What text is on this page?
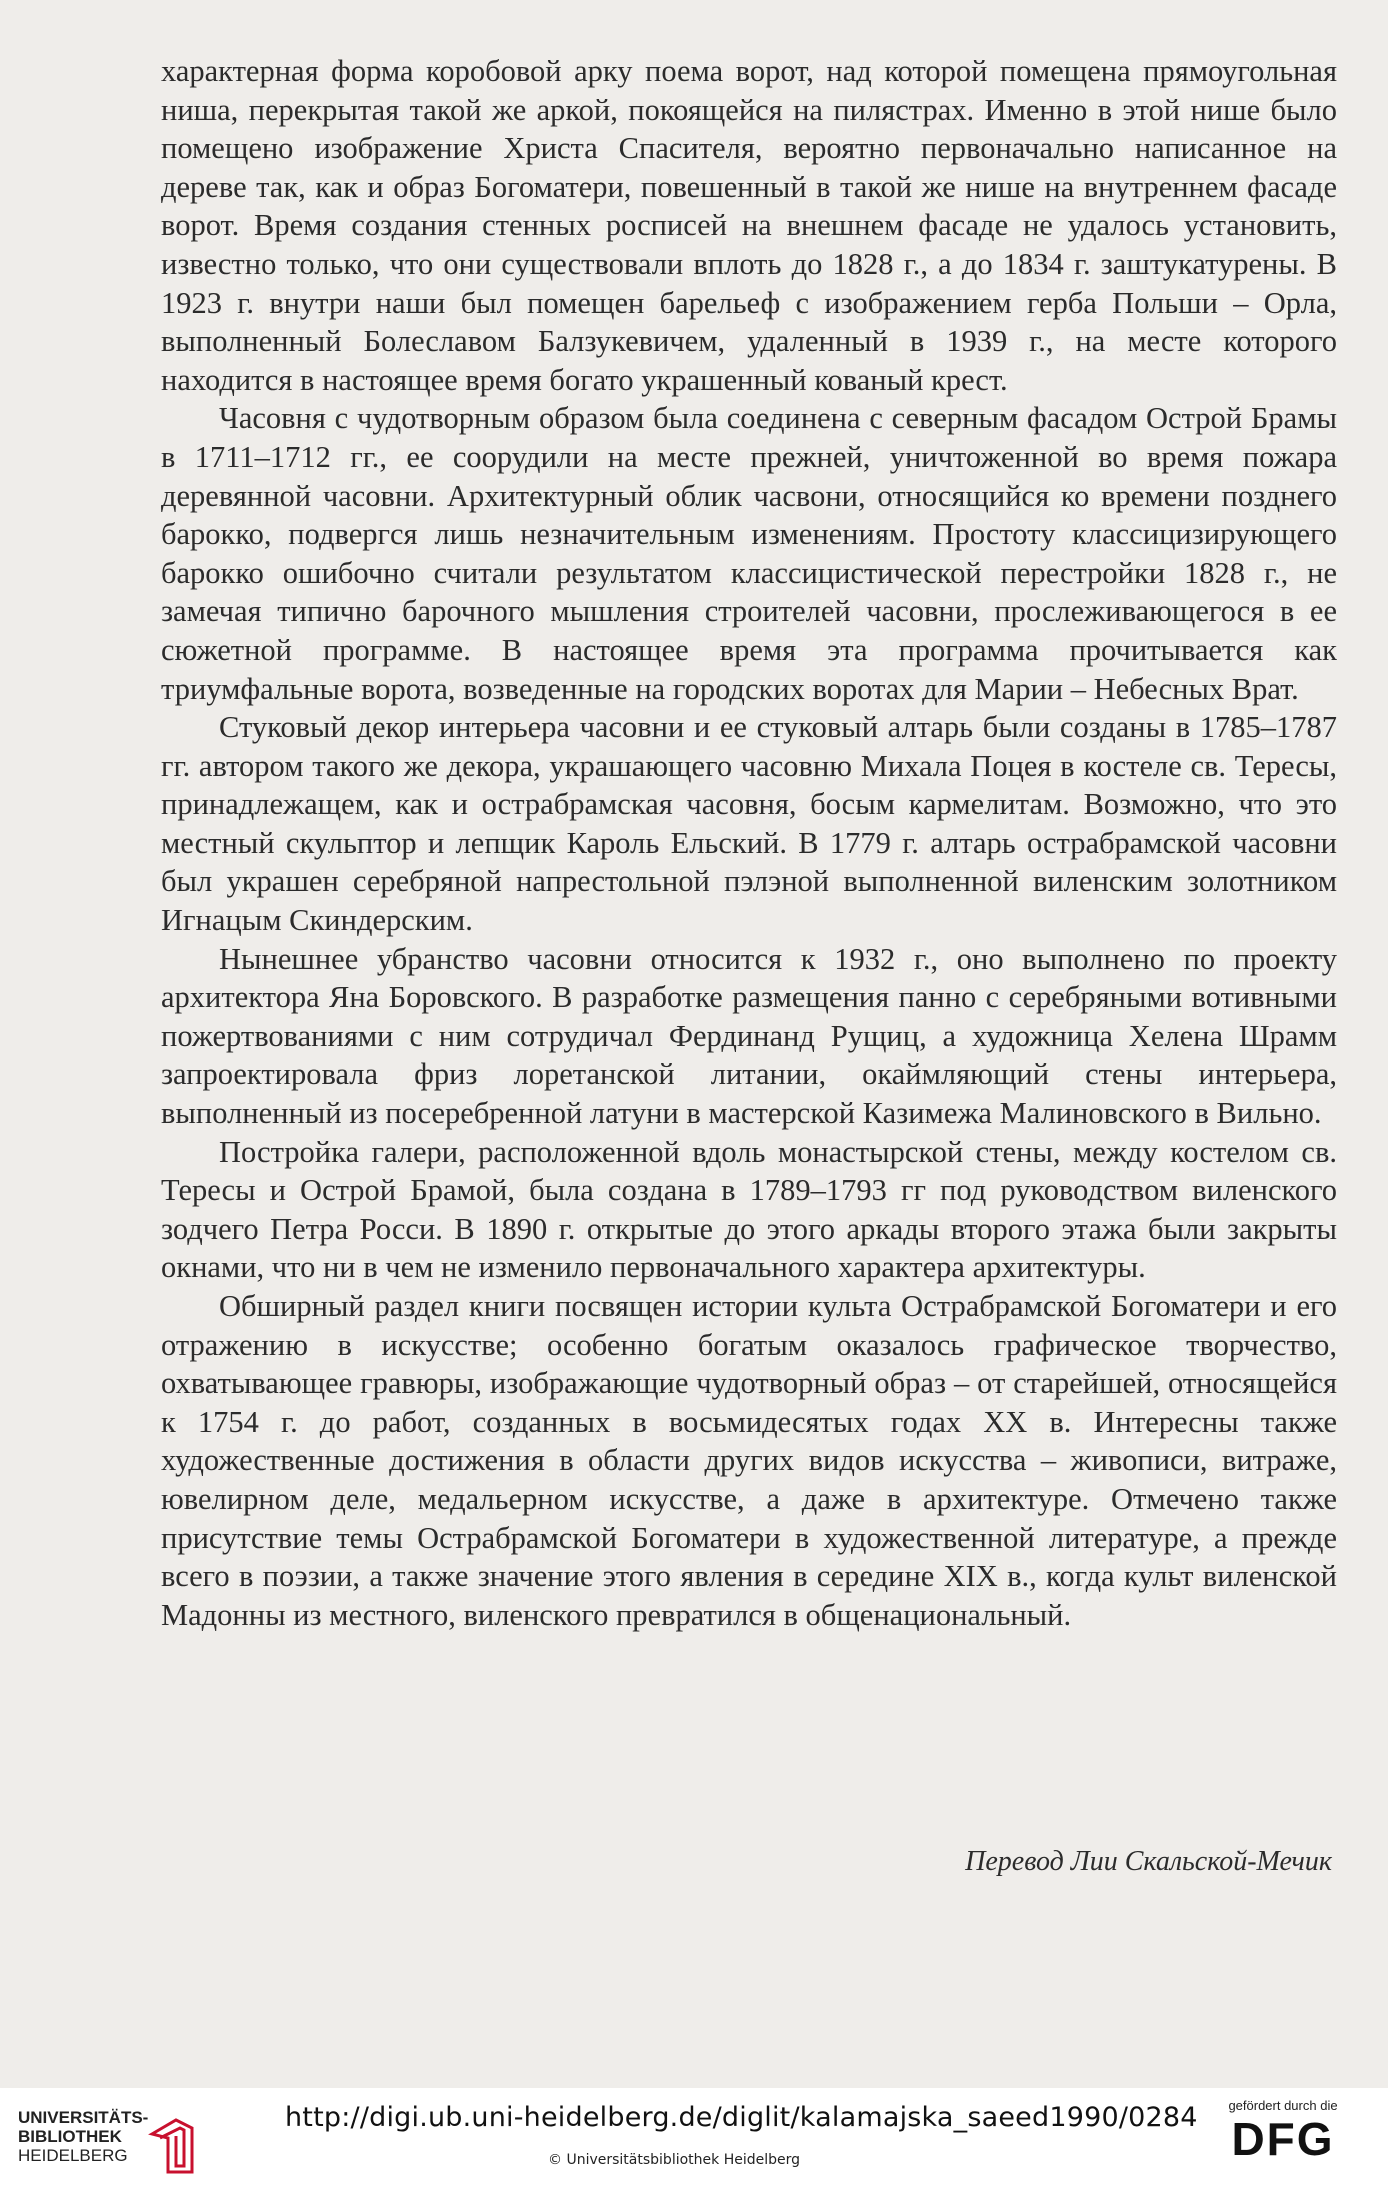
характерная форма коробовой арку поема ворот, над которой помещена прямоугольная ниша, перекрытая такой же аркой, покоящейся на пилястрах. Именно в этой нише было помещено изображение Христа Спасителя, вероятно первоначально написанное на дереве так, как и образ Богоматери, повешенный в такой же нише на внутреннем фасаде ворот. Время создания стенных росписей на внешнем фасаде не удалось установить, известно только, что они существовали вплоть до 1828 г., а до 1834 г. заштукатурены. В 1923 г. внутри наши был помещен барельеф с изображением герба Польши – Орла, выполненный Болеславом Балзукевичем, удаленный в 1939 г., на месте которого находится в настоящее время богато украшенный кованый крест.

Часовня с чудотворным образом была соединена с северным фасадом Острой Брамы в 1711–1712 гг., ее соорудили на месте прежней, уничтоженной во время пожара деревянной часовни. Архитектурный облик часвони, относящийся ко времени позднего барокко, подвергся лишь незначительным изменениям. Простоту классицизирующего барокко ошибочно считали результатом классицистической перестройки 1828 г., не замечая типично барочного мышления строителей часовни, прослеживающегося в ее сюжетной программе. В настоящее время эта программа прочитывается как триумфальные ворота, возведенные на городских воротах для Марии – Небесных Врат.

Стуковый декор интерьера часовни и ее стуковый алтарь были созданы в 1785–1787 гг. автором такого же декора, украшающего часовню Михала Поцея в костеле св. Тересы, принадлежащем, как и острабрамская часовня, босым кармелитам. Возможно, что это местный скульптор и лепщик Кароль Ельский. В 1779 г. алтарь острабрамской часовни был украшен серебряной напрестольной пэлэной выполненной виленским золотником Игнацым Скиндерским.

Нынешнее убранство часовни относится к 1932 г., оно выполнено по проекту архитектора Яна Боровского. В разработке размещения панно с серебряными вотивными пожертвованиями с ним сотрудичал Фердинанд Рущиц, а художница Хелена Шрамм запроектировала фриз лоретанской литании, окаймляющий стены интерьера, выполненный из посеребренной латуни в мастерской Казимежа Малиновского в Вильно.

Постройка галери, расположенной вдоль монастырской стены, между костелом св. Тересы и Острой Брамой, была создана в 1789–1793 гг под руководством виленского зодчего Петра Росси. В 1890 г. открытые до этого аркады второго этажа были закрыты окнами, что ни в чем не изменило первоначального характера архитектуры.

Обширный раздел книги посвящен истории культа Острабрамской Богоматери и его отражению в искусстве; особенно богатым оказалось графическое творчество, охватывающее гравюры, изображающие чудотворный образ – от старейшей, относящейся к 1754 г. до работ, созданных в восьмидесятых годах XX в. Интересны также художественные достижения в области других видов искусства – живописи, витраже, ювелирном деле, медальерном искусстве, а даже в архитектуре. Отмечено также присутствие темы Острабрамской Богоматери в художественной литературе, а прежде всего в поэзии, а также значение этого явления в середине XIX в., когда культ виленской Мадонны из местного, виленского превратился в общенациональный.

Перевод Лии Скальской-Мечик
UNIVERSITÄTS-
BIBLIOTHEK
HEIDELBERG
http://digi.ub.uni-heidelberg.de/diglit/kalamajska_saeed1990/0284
© Universitätsbibliothek Heidelberg
gefördert durch die
DFG
